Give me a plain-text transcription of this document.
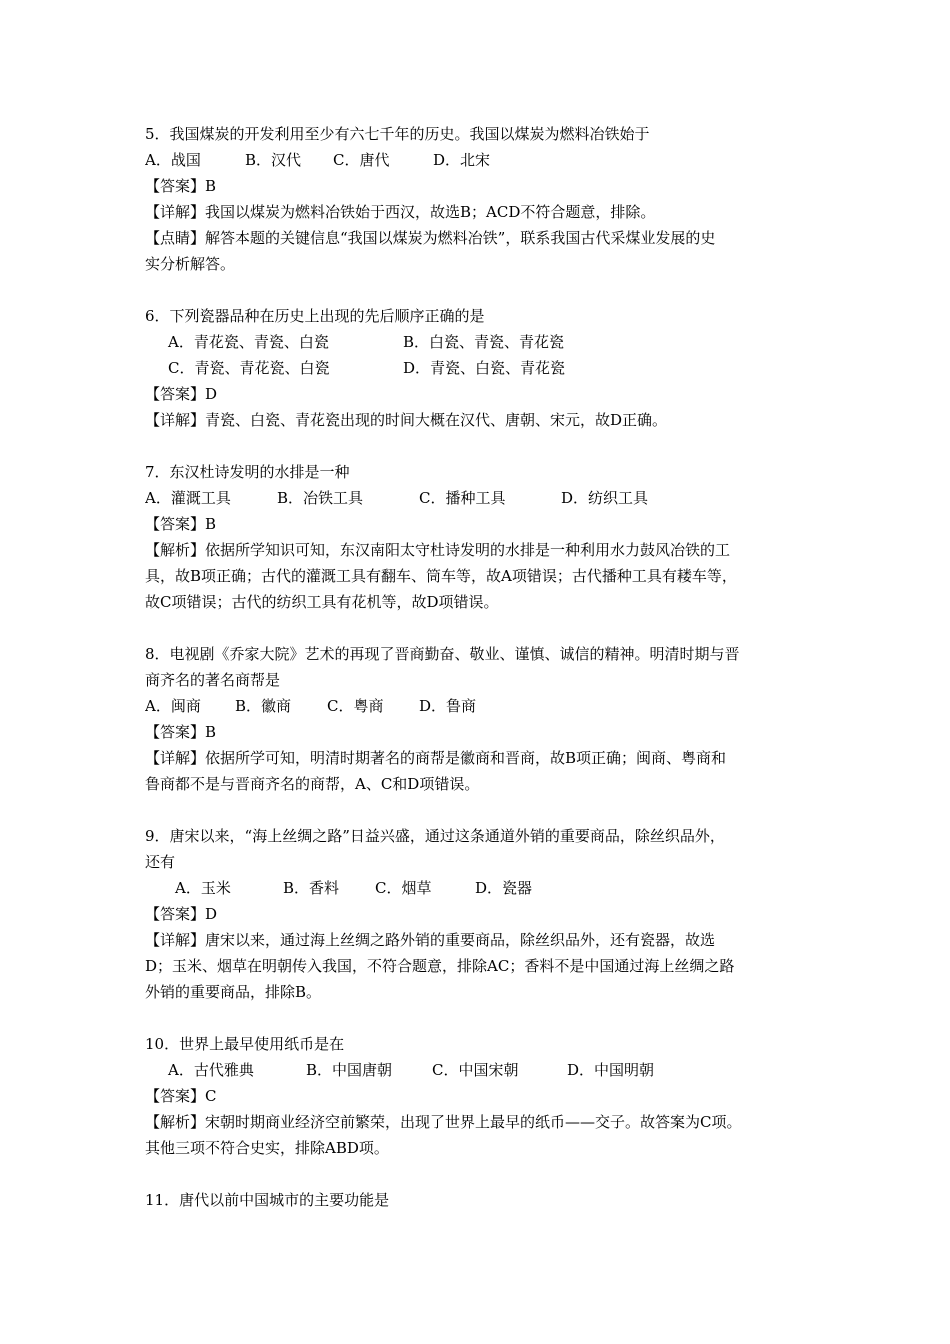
5．我国煤炭的开发利用至少有六七千年的历史。我国以煤炭为燃料冶铁始于
A．战国	B．汉代 C．唐代	D．北宋
【答案】B
【详解】我国以煤炭为燃料冶铁始于西汉，故选B；ACD不符合题意，排除。
【点睛】解答本题的关键信息“我国以煤炭为燃料冶铁”，联系我国古代采煤业发展的史
实分析解答。
6．下列瓷器品种在历史上出现的先后顺序正确的是
A．青花瓷、青瓷、白瓷	B．白瓷、青瓷、青花瓷
C．青瓷、青花瓷、白瓷	D．青瓷、白瓷、青花瓷
【答案】D
【详解】青瓷、白瓷、青花瓷出现的时间大概在汉代、唐朝、宋元，故D正确。
7．东汉杜诗发明的水排是一种
A．灌溉工具	B．冶铁工具	C．播种工具	D．纺织工具
【答案】B
【解析】依据所学知识可知，东汉南阳太守杜诗发明的水排是一种利用水力鼓风冶铁的工
具，故B项正确；古代的灌溉工具有翻车、筒车等，故A项错误；古代播种工具有耧车等，
故C项错误；古代的纺织工具有花机等，故D项错误。
8．电视剧《乔家大院》艺术的再现了晋商勤奋、敬业、谨慎、诚信的精神。明清时期与晋
商齐名的著名商帮是
A．闽商 B．徽商 C．粤商 D．鲁商
【答案】B
【详解】依据所学可知，明清时期著名的商帮是徽商和晋商，故B项正确；闽商、粤商和
鲁商都不是与晋商齐名的商帮，A、C和D项错误。
9．唐宋以来，“海上丝绸之路”日益兴盛，通过这条通道外销的重要商品，除丝织品外，
还有
A．玉米	B．香料 C．烟草	D．瓷器
【答案】D
【详解】唐宋以来，通过海上丝绸之路外销的重要商品，除丝织品外，还有瓷器，故选
D；玉米、烟草在明朝传入我国，不符合题意，排除AC；香料不是中国通过海上丝绸之路
外销的重要商品，排除B。
10．世界上最早使用纸币是在
A．古代雅典	B．中国唐朝	C．中国宋朝	D．中国明朝
【答案】C
【解析】宋朝时期商业经济空前繁荣，出现了世界上最早的纸币——交子。故答案为C项。
其他三项不符合史实，排除ABD项。
11．唐代以前中国城市的主要功能是
